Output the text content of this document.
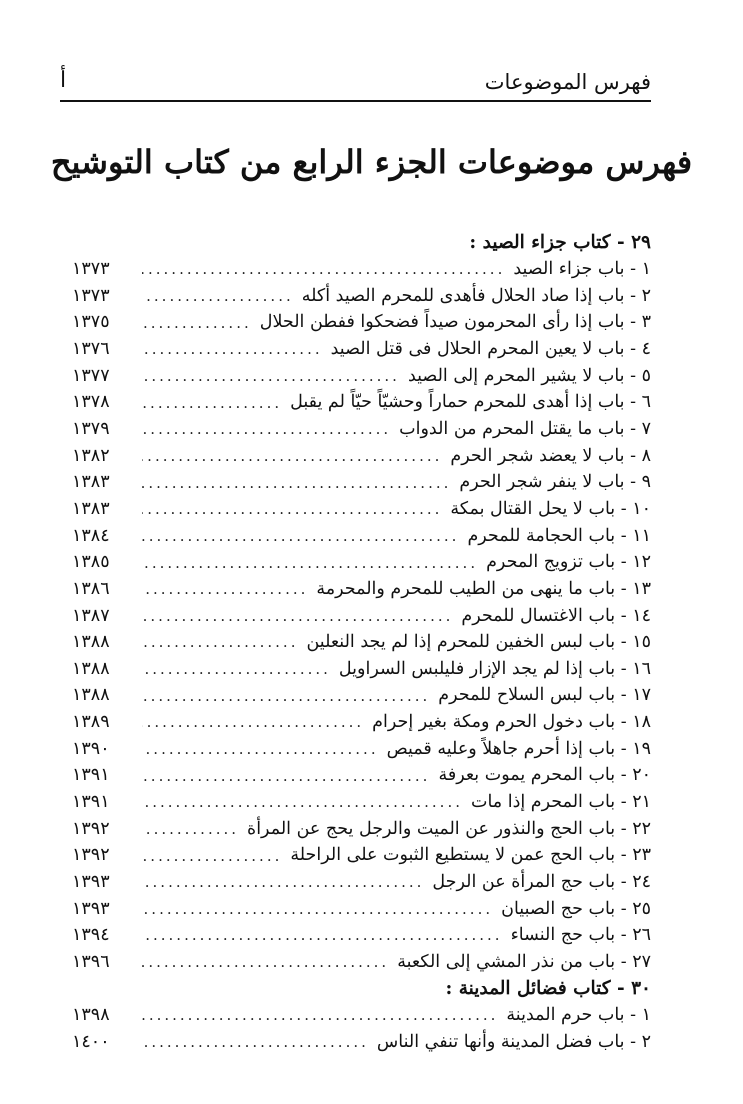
فهرس الموضوعات
أ
فهرس موضوعات الجزء الرابع من كتاب التوشيح
٢٩ - كتاب جزاء الصيد :
١ - باب جزاء الصيد
.....
١٣٧٣
٢ - باب إذا صاد الحلال فأهدى للمحرم الصيد أكله
.....
١٣٧٣
٣ - باب إذا رأى المحرمون صيداً فضحكوا ففطن الحلال
.....
١٣٧٥
٤ - باب لا يعين المحرم الحلال فى قتل الصيد
.....
١٣٧٦
٥ - باب لا يشير المحرم إلى الصيد
.....
١٣٧٧
٦ - باب إذا أهدى للمحرم حماراً وحشيّاً حيّاً لم يقبل
.....
١٣٧٨
٧ - باب ما يقتل المحرم من الدواب
.....
١٣٧٩
٨ - باب لا يعضد شجر الحرم
.....
١٣٨٢
٩ - باب لا ينفر شجر الحرم
.....
١٣٨٣
١٠ - باب لا يحل القتال بمكة
.....
١٣٨٣
١١ - باب الحجامة للمحرم
.....
١٣٨٤
١٢ - باب تزويج المحرم
.....
١٣٨٥
١٣ - باب ما ينهى من الطيب للمحرم والمحرمة
.....
١٣٨٦
١٤ - باب الاغتسال للمحرم
.....
١٣٨٧
١٥ - باب لبس الخفين للمحرم إذا لم يجد النعلين
.....
١٣٨٨
١٦ - باب إذا لم يجد الإزار فليلبس السراويل
.....
١٣٨٨
١٧ - باب لبس السلاح للمحرم
.....
١٣٨٨
١٨ - باب دخول الحرم ومكة بغير إحرام
.....
١٣٨٩
١٩ - باب إذا أحرم جاهلاً وعليه قميص
.....
١٣٩٠
٢٠ - باب المحرم يموت بعرفة
.....
١٣٩١
٢١ - باب المحرم إذا مات
.....
١٣٩١
٢٢ - باب الحج والنذور عن الميت والرجل يحج عن المرأة
.....
١٣٩٢
٢٣ - باب الحج عمن لا يستطيع الثبوت على الراحلة
.....
١٣٩٢
٢٤ - باب حج المرأة عن الرجل
.....
١٣٩٣
٢٥ - باب حج الصبيان
.....
١٣٩٣
٢٦ - باب حج النساء
.....
١٣٩٤
٢٧ - باب من نذر المشي إلى الكعبة
.....
١٣٩٦
٣٠ - كتاب فضائل المدينة :
١ - باب حرم المدينة
.....
١٣٩٨
٢ - باب فضل المدينة وأنها تنفي الناس
.....
١٤٠٠
